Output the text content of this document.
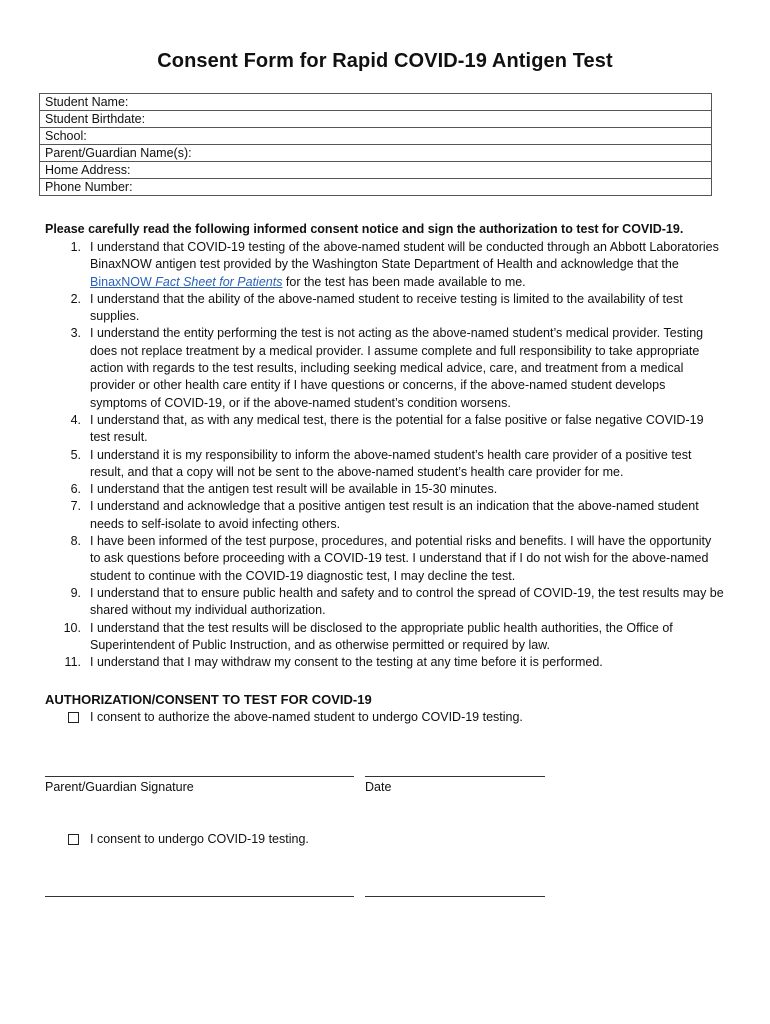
Consent Form for Rapid COVID-19 Antigen Test
Student Name:
Student Birthdate:
School:
Parent/Guardian Name(s):
Home Address:
Phone Number:
Please carefully read the following informed consent notice and sign the authorization to test for COVID-19.
1. I understand that COVID-19 testing of the above-named student will be conducted through an Abbott Laboratories BinaxNOW antigen test provided by the Washington State Department of Health and acknowledge that the BinaxNOW Fact Sheet for Patients for the test has been made available to me.
2. I understand that the ability of the above-named student to receive testing is limited to the availability of test supplies.
3. I understand the entity performing the test is not acting as the above-named student’s medical provider. Testing does not replace treatment by a medical provider. I assume complete and full responsibility to take appropriate action with regards to the test results, including seeking medical advice, care, and treatment from a medical provider or other health care entity if I have questions or concerns, if the above-named student develops symptoms of COVID-19, or if the above-named student’s condition worsens.
4. I understand that, as with any medical test, there is the potential for a false positive or false negative COVID-19 test result.
5. I understand it is my responsibility to inform the above-named student’s health care provider of a positive test result, and that a copy will not be sent to the above-named student’s health care provider for me.
6. I understand that the antigen test result will be available in 15-30 minutes.
7. I understand and acknowledge that a positive antigen test result is an indication that the above-named student needs to self-isolate to avoid infecting others.
8. I have been informed of the test purpose, procedures, and potential risks and benefits. I will have the opportunity to ask questions before proceeding with a COVID-19 test. I understand that if I do not wish for the above-named student to continue with the COVID-19 diagnostic test, I may decline the test.
9. I understand that to ensure public health and safety and to control the spread of COVID-19, the test results may be shared without my individual authorization.
10. I understand that the test results will be disclosed to the appropriate public health authorities, the Office of Superintendent of Public Instruction, and as otherwise permitted or required by law.
11. I understand that I may withdraw my consent to the testing at any time before it is performed.
AUTHORIZATION/CONSENT TO TEST FOR COVID-19
I consent to authorize the above-named student to undergo COVID-19 testing.
Parent/Guardian Signature	Date
I consent to undergo COVID-19 testing.
